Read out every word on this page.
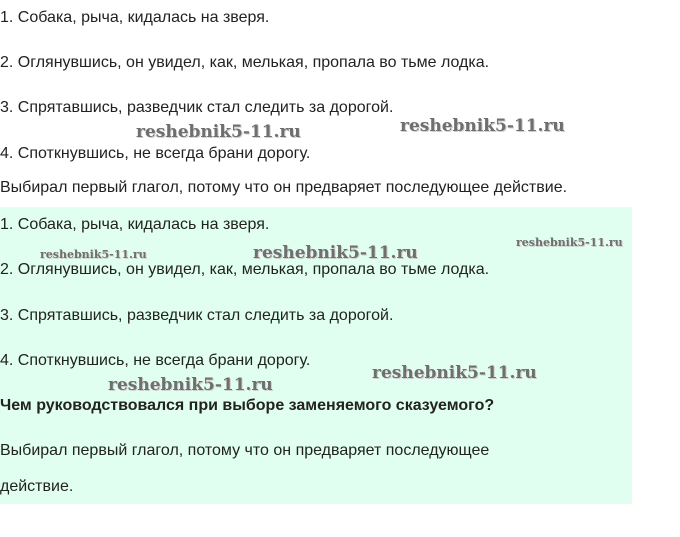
1. Собака, рыча, кидалась на зверя.
2. Оглянувшись, он увидел, как, мелькая, пропала во тьме лодка.
3. Спрятавшись, разведчик стал следить за дорогой.
4. Споткнувшись, не всегда брани дорогу.
Выбирал первый глагол, потому что он предваряет последующее действие.
1. Собака, рыча, кидалась на зверя.
2. Оглянувшись, он увидел, как, мелькая, пропала во тьме лодка.
3. Спрятавшись, разведчик стал следить за дорогой.
4. Споткнувшись, не всегда брани дорогу.
Чем руководствовался при выборе заменяемого сказуемого?
Выбирал первый глагол, потому что он предваряет последующее
действие.
reshebnik5-11.ru	reshebnik5-11.ru
reshebnik5-11.ru	reshebnik5-11.ru
reshebnik5-11.ru
reshebnik5-11.ru
reshebnik5-11.ru
